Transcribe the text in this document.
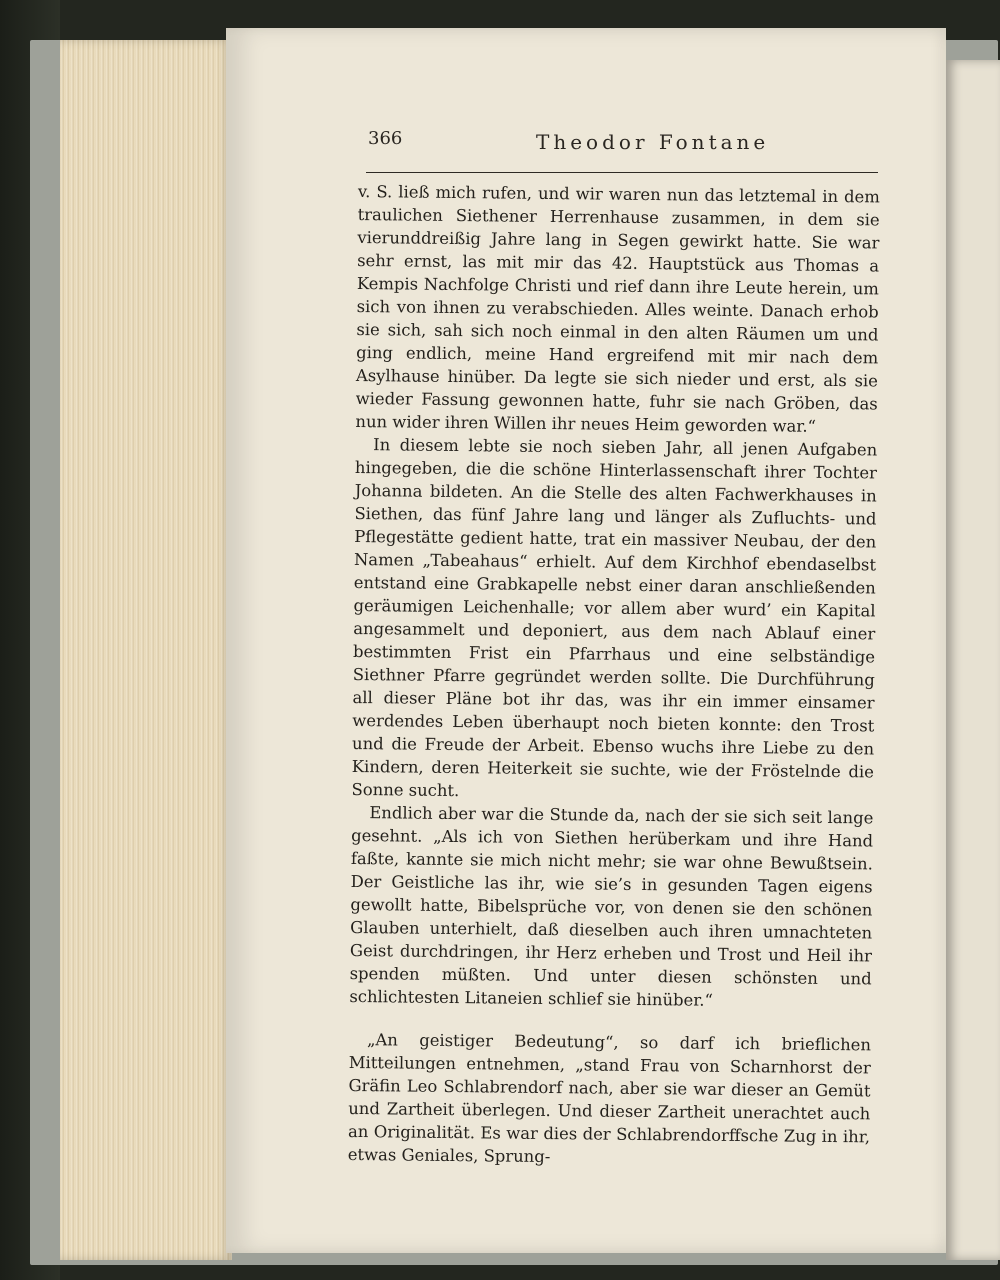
366	Theodor Fontane

v. S. ließ mich rufen, und wir waren nun das letztemal in dem traulichen Siethener Herrenhause zusammen, in dem sie vierunddreißig Jahre lang in Segen gewirkt hatte. Sie war sehr ernst, las mit mir das 42. Hauptstück aus Thomas a Kempis Nachfolge Christi und rief dann ihre Leute herein, um sich von ihnen zu verabschieden. Alles weinte. Danach erhob sie sich, sah sich noch einmal in den alten Räumen um und ging endlich, meine Hand ergreifend mit mir nach dem Asylhause hinüber. Da legte sie sich nieder und erst, als sie wieder Fassung gewonnen hatte, fuhr sie nach Gröben, das nun wider ihren Willen ihr neues Heim geworden war.“

In diesem lebte sie noch sieben Jahr, all jenen Aufgaben hingegeben, die die schöne Hinterlassenschaft ihrer Tochter Johanna bildeten. An die Stelle des alten Fachwerkhauses in Siethen, das fünf Jahre lang und länger als Zufluchts- und Pflegestätte gedient hatte, trat ein massiver Neubau, der den Namen „Tabeahaus“ erhielt. Auf dem Kirchhof ebendaselbst entstand eine Grabkapelle nebst einer daran anschließenden geräumigen Leichenhalle; vor allem aber wurd’ ein Kapital angesammelt und deponiert, aus dem nach Ablauf einer bestimmten Frist ein Pfarrhaus und eine selbständige Siethner Pfarre gegründet werden sollte. Die Durchführung all dieser Pläne bot ihr das, was ihr ein immer einsamer werdendes Leben überhaupt noch bieten konnte: den Trost und die Freude der Arbeit. Ebenso wuchs ihre Liebe zu den Kindern, deren Heiterkeit sie suchte, wie der Fröstelnde die Sonne sucht.

Endlich aber war die Stunde da, nach der sie sich seit lange gesehnt. „Als ich von Siethen herüberkam und ihre Hand faßte, kannte sie mich nicht mehr; sie war ohne Bewußtsein. Der Geistliche las ihr, wie sie’s in gesunden Tagen eigens gewollt hatte, Bibelsprüche vor, von denen sie den schönen Glauben unterhielt, daß dieselben auch ihren umnachteten Geist durchdringen, ihr Herz erheben und Trost und Heil ihr spenden müßten. Und unter diesen schönsten und schlichtesten Litaneien schlief sie hinüber.“

„An geistiger Bedeutung“, so darf ich brieflichen Mitteilungen entnehmen, „stand Frau von Scharnhorst der Gräfin Leo Schlabrendorf nach, aber sie war dieser an Gemüt und Zartheit überlegen. Und dieser Zartheit unerachtet auch an Originalität. Es war dies der Schlabrendorffsche Zug in ihr, etwas Geniales, Sprung-
